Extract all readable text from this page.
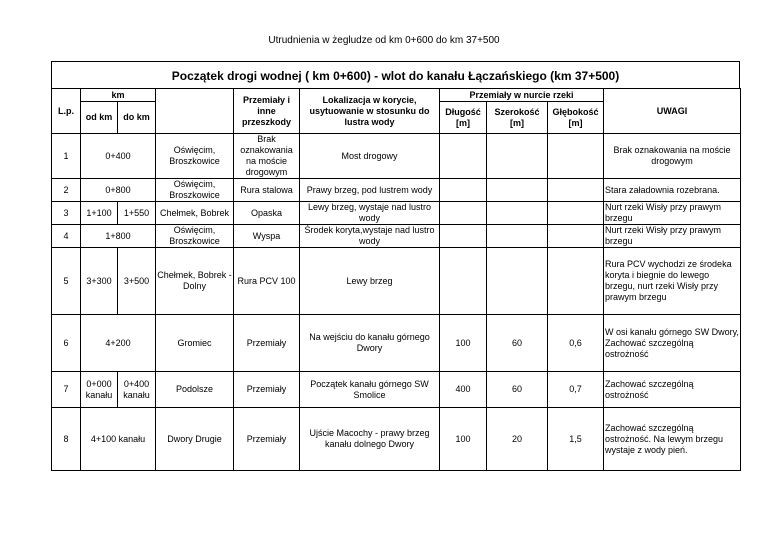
Utrudnienia w żegludze od km 0+600 do km 37+500
Początek drogi wodnej ( km 0+600) - wlot do kanału Łączańskiego (km 37+500)
L.p.	km			Przemiały i inne przeszkody	Lokalizacja w korycie, usytuowanie w stosunku do lustra wody	Przemiały w nurcie rzeki			UWAGI
	od km	do km				Długość [m]	Szerokość [m]	Głębokość [m]	
1	0+400		Oświęcim, Broszkowice	Brak oznakowania na moście drogowym	Most drogowy				Brak oznakowania na moście drogowym
2	0+800		Oświęcim, Broszkowice	Rura stalowa	Prawy brzeg, pod lustrem wody				Stara załadownia rozebrana.
3	1+100	1+550	Chełmek, Bobrek	Opaska	Lewy brzeg, wystaje nad lustro wody				Nurt rzeki Wisły przy prawym brzegu
4	1+800		Oświęcim, Broszkowice	Wyspa	Środek koryta,wystaje nad lustro wody				Nurt rzeki Wisły przy prawym brzegu
5	3+300	3+500	Chełmek, Bobrek - Dolny	Rura PCV 100	Lewy brzeg				Rura PCV wychodzi ze środeka koryta i biegnie do lewego brzegu, nurt rzeki Wisły przy prawym brzegu
6	4+200		Gromiec	Przemiały	Na wejściu do kanału górnego Dwory	100	60	0,6	W osi kanału górnego SW Dwory, Zachować szczególną ostrożność
7	0+000 kanału	0+400 kanału	Podolsze	Przemiały	Początek kanału górnego SW Smolice	400	60	0,7	Zachować szczególną ostrożność
8	4+100 kanału		Dwory Drugie	Przemiały	Ujście Macochy - prawy brzeg kanału dolnego Dwory	100	20	1,5	Zachować szczególną ostrożność. Na lewym brzegu wystaje z wody pień.
